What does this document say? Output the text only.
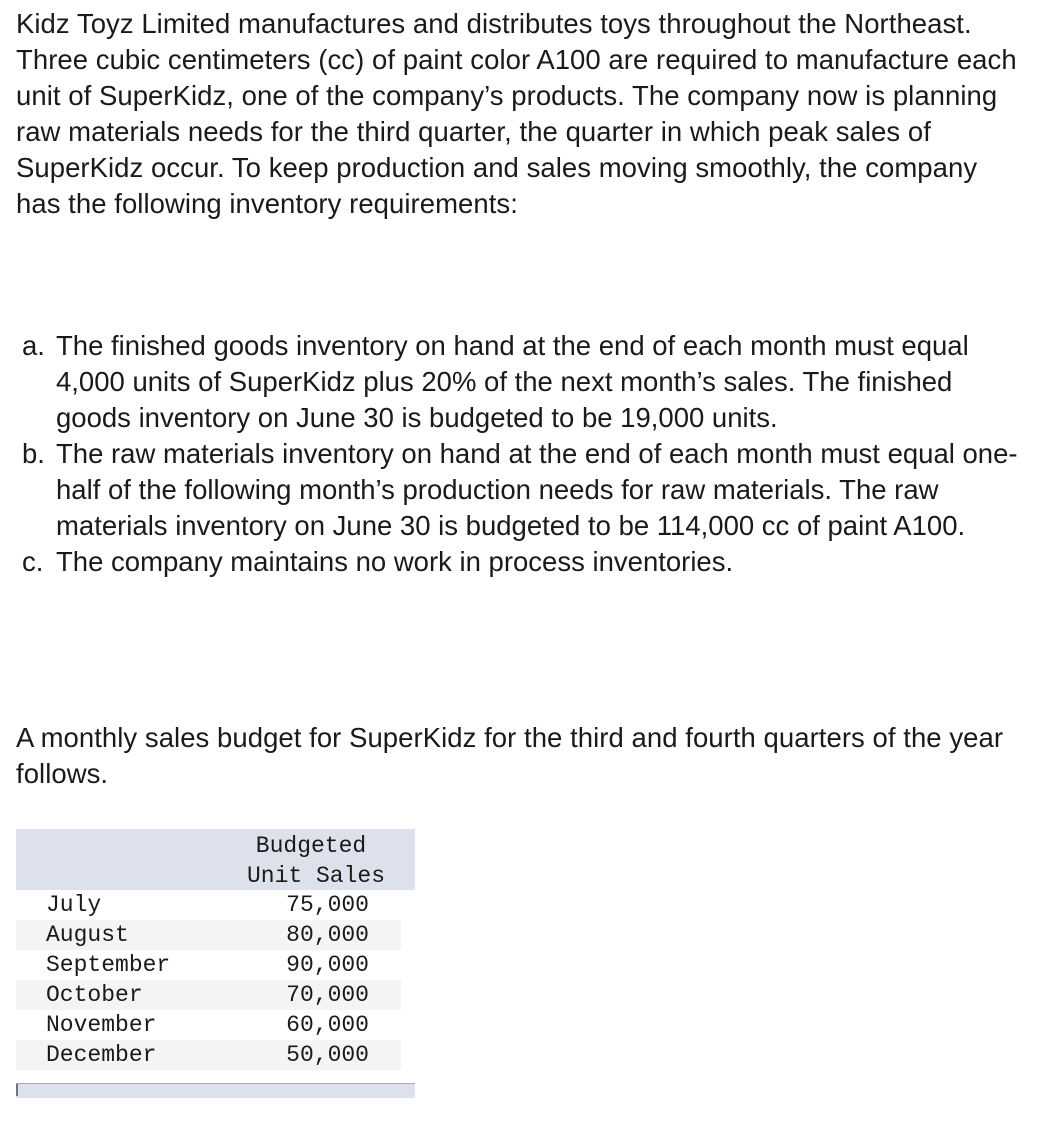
Kidz Toyz Limited manufactures and distributes toys throughout the Northeast. Three cubic centimeters (cc) of paint color A100 are required to manufacture each unit of SuperKidz, one of the company’s products. The company now is planning raw materials needs for the third quarter, the quarter in which peak sales of SuperKidz occur. To keep production and sales moving smoothly, the company has the following inventory requirements:

a. The finished goods inventory on hand at the end of each month must equal 4,000 units of SuperKidz plus 20% of the next month’s sales. The finished goods inventory on June 30 is budgeted to be 19,000 units.
b. The raw materials inventory on hand at the end of each month must equal one-half of the following month’s production needs for raw materials. The raw materials inventory on June 30 is budgeted to be 114,000 cc of paint A100.
c. The company maintains no work in process inventories.

A monthly sales budget for SuperKidz for the third and fourth quarters of the year follows.

Budgeted
Unit Sales
July	75,000
August	80,000
September	90,000
October	70,000
November	60,000
December	50,000
